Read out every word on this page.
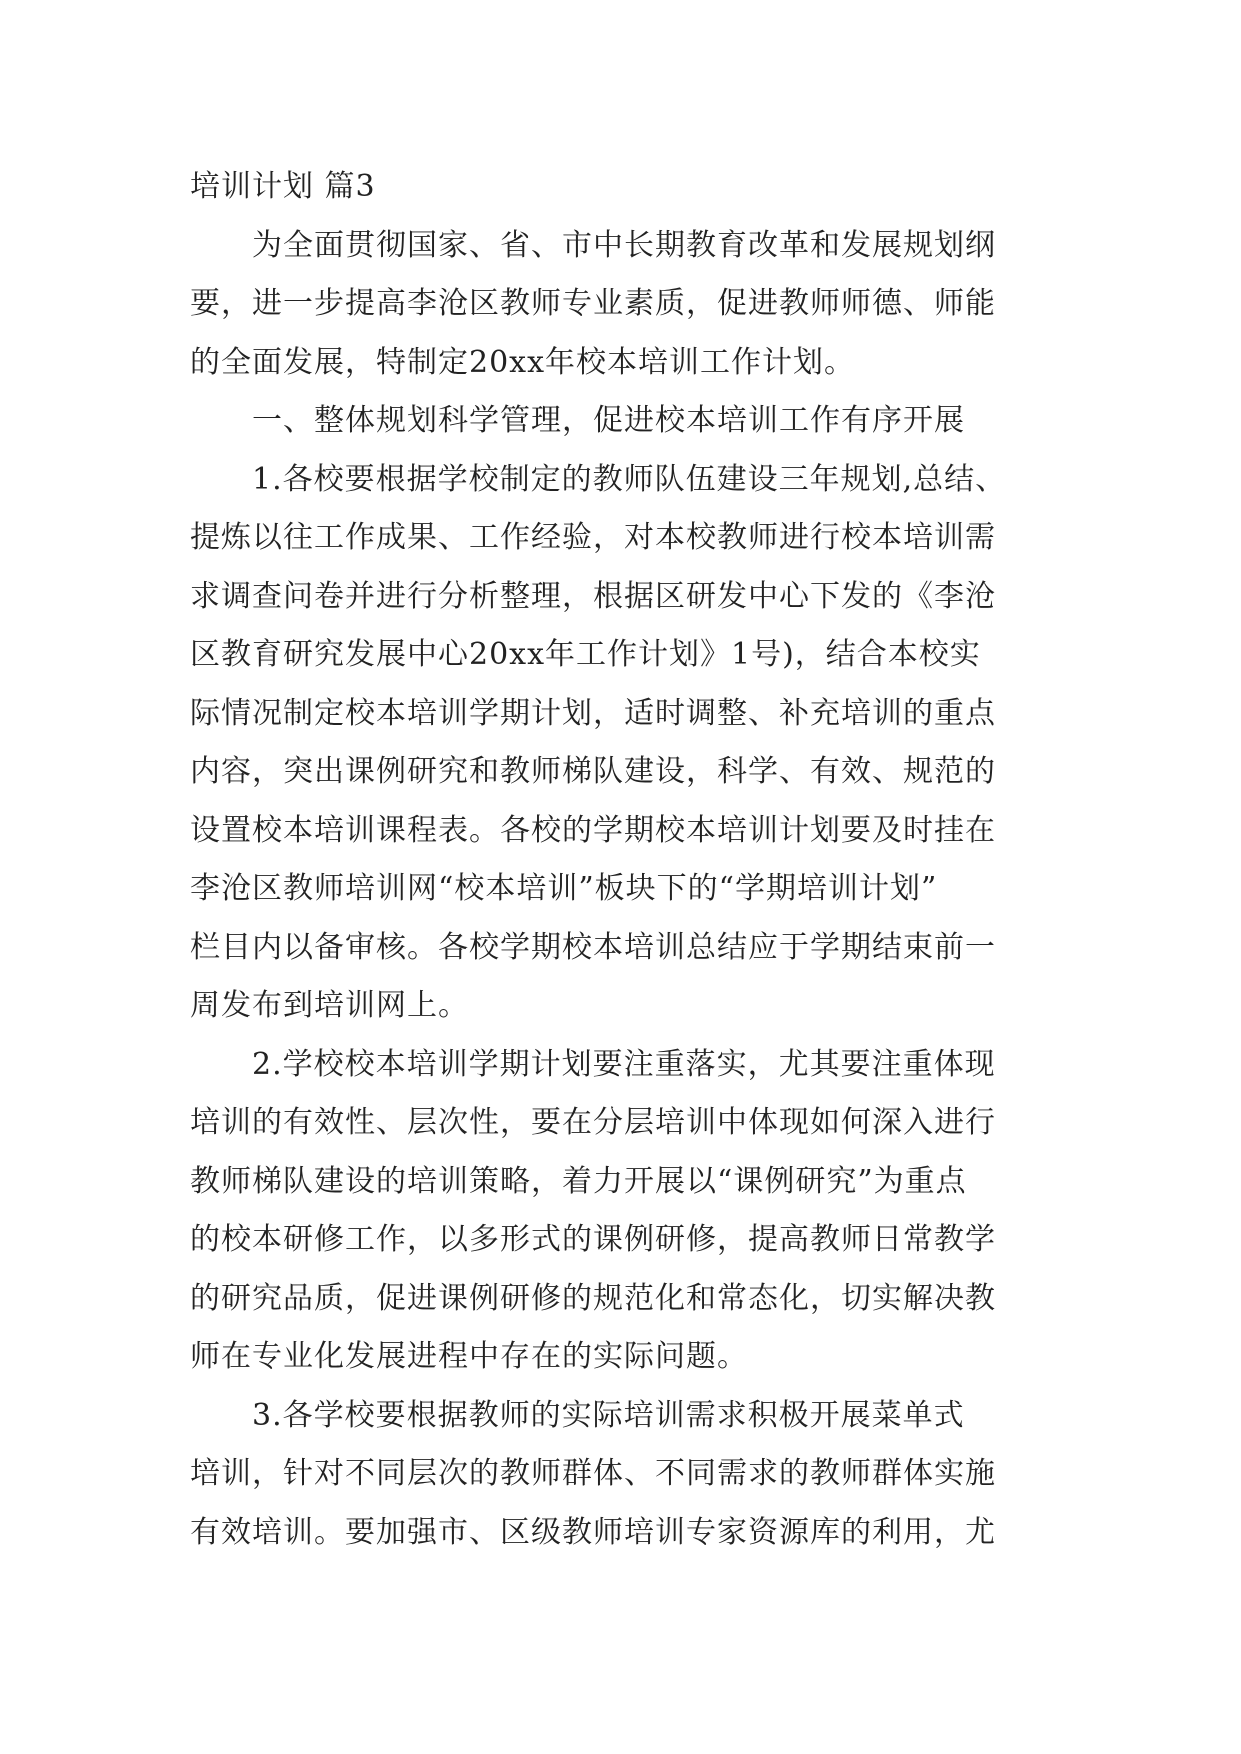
培训计划 篇3
　　为全面贯彻国家、省、市中长期教育改革和发展规划纲
要，进一步提高李沧区教师专业素质，促进教师师德、师能
的全面发展，特制定20xx年校本培训工作计划。
　　一、整体规划科学管理，促进校本培训工作有序开展
　　1.各校要根据学校制定的教师队伍建设三年规划,总结、
提炼以往工作成果、工作经验，对本校教师进行校本培训需
求调查问卷并进行分析整理，根据区研发中心下发的《李沧
区教育研究发展中心20xx年工作计划》1号)，结合本校实
际情况制定校本培训学期计划，适时调整、补充培训的重点
内容，突出课例研究和教师梯队建设，科学、有效、规范的
设置校本培训课程表。各校的学期校本培训计划要及时挂在
李沧区教师培训网“校本培训”板块下的“学期培训计划”
栏目内以备审核。各校学期校本培训总结应于学期结束前一
周发布到培训网上。
　　2.学校校本培训学期计划要注重落实，尤其要注重体现
培训的有效性、层次性，要在分层培训中体现如何深入进行
教师梯队建设的培训策略，着力开展以“课例研究”为重点
的校本研修工作，以多形式的课例研修，提高教师日常教学
的研究品质，促进课例研修的规范化和常态化，切实解决教
师在专业化发展进程中存在的实际问题。
　　3.各学校要根据教师的实际培训需求积极开展菜单式
培训，针对不同层次的教师群体、不同需求的教师群体实施
有效培训。要加强市、区级教师培训专家资源库的利用，尤
